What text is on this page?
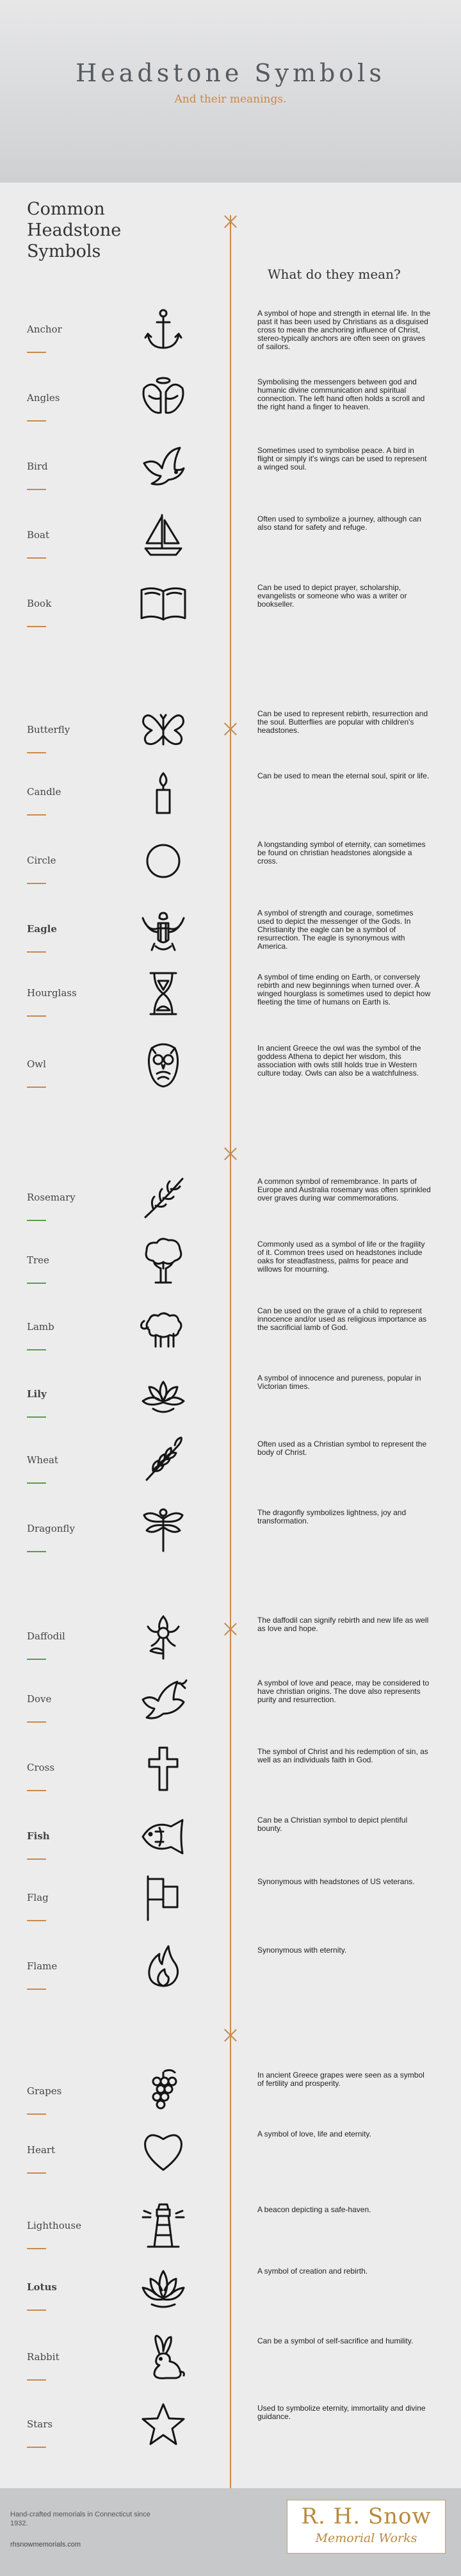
Headstone Symbols
And their meanings.
Common Headstone Symbols
What do they mean?
Anchor
A symbol of hope and strength in eternal life. In the past it has been used by Christians as a disguised cross to mean the anchoring influence of Christ, stereo-typically anchors are often seen on graves of sailors.
Angles
Symbolising the messengers between god and humanic divine communication and spiritual connection. The left hand often holds a scroll and the right hand a finger to heaven.
Bird
Sometimes used to symbolise peace. A bird in flight or simply it's wings can be used to represent a winged soul.
Boat
Often used to symbolize a journey, although can also stand for safety and refuge.
Book
Can be used to depict prayer, scholarship, evangelists or someone who was a writer or bookseller.
Butterfly
Can be used to represent rebirth, resurrection and the soul. Butterflies are popular with children's headstones.
Candle
Can be used to mean the eternal soul, spirit or life.
Circle
A longstanding symbol of eternity, can sometimes be found on christian headstones alongside a cross.
Eagle
A symbol of strength and courage, sometimes used to depict the messenger of the Gods. In Christianity the eagle can be a symbol of resurrection. The eagle is synonymous with America.
Hourglass
A symbol of time ending on Earth, or conversely rebirth and new beginnings when turned over. A winged hourglass is sometimes used to depict how fleeting the time of humans on Earth is.
Owl
In ancient Greece the owl was the symbol of the goddess Athena to depict her wisdom, this association with owls still holds true in Western culture today. Owls can also be a watchfulness.
Rosemary
A common symbol of remembrance. In parts of Europe and Australia rosemary was often sprinkled over graves during war commemorations.
Tree
Commonly used as a symbol of life or the fragility of it. Common trees used on headstones include oaks for steadfastness, palms for peace and willows for mourning.
Lamb
Can be used on the grave of a child to represent innocence and/or used as religious importance as the sacrificial lamb of God.
Lily
A symbol of innocence and pureness, popular in Victorian times.
Wheat
Often used as a Christian symbol to represent the body of Christ.
Dragonfly
The dragonfly symbolizes lightness, joy and transformation.
Daffodil
The daffodil can signify rebirth and new life as well as love and hope.
Dove
A symbol of love and peace, may be considered to have christian origins. The dove also represents purity and resurrection.
Cross
The symbol of Christ and his redemption of sin, as well as an individuals faith in God.
Fish
Can be a Christian symbol to depict plentiful bounty.
Flag
Synonymous with headstones of US veterans.
Flame
Synonymous with eternity.
Grapes
In ancient Greece grapes were seen as a symbol of fertility and prosperity.
Heart
A symbol of love, life and eternity.
Lighthouse
A beacon depicting a safe-haven.
Lotus
A symbol of creation and rebirth.
Rabbit
Can be a symbol of self-sacrifice and humility.
Stars
Used to symbolize eternity, immortality and divine guidance.
Hand-crafted memorials in Connecticut since 1932.
rhsnowmemorials.com
R. H. Snow
Memorial Works
